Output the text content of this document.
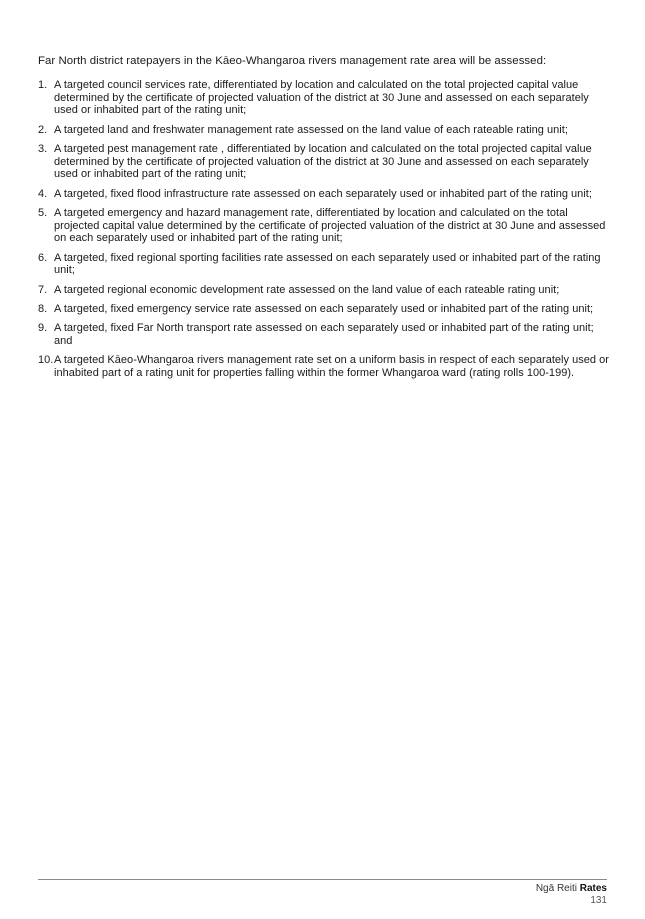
Far North district ratepayers in the Kāeo-Whangaroa rivers management rate area will be assessed:

1. A targeted council services rate, differentiated by location and calculated on the total projected capital value determined by the certificate of projected valuation of the district at 30 June and assessed on each separately used or inhabited part of the rating unit;
2. A targeted land and freshwater management rate assessed on the land value of each rateable rating unit;
3. A targeted pest management rate , differentiated by location and calculated on the total projected capital value determined by the certificate of projected valuation of the district at 30 June and assessed on each separately used or inhabited part of the rating unit;
4. A targeted, fixed flood infrastructure rate assessed on each separately used or inhabited part of the rating unit;
5. A targeted emergency and hazard management rate, differentiated by location and calculated on the total projected capital value determined by the certificate of projected valuation of the district at 30 June and assessed on each separately used or inhabited part of the rating unit;
6. A targeted, fixed regional sporting facilities rate assessed on each separately used or inhabited part of the rating unit;
7. A targeted regional economic development rate assessed on the land value of each rateable rating unit;
8. A targeted, fixed emergency service rate assessed on each separately used or inhabited part of the rating unit;
9. A targeted, fixed Far North transport rate assessed on each separately used or inhabited part of the rating unit; and
10. A targeted Kāeo-Whangaroa rivers management rate set on a uniform basis in respect of each separately used or inhabited part of a rating unit for properties falling within the former Whangaroa ward (rating rolls 100-199).
Ngā Reiti Rates
131
